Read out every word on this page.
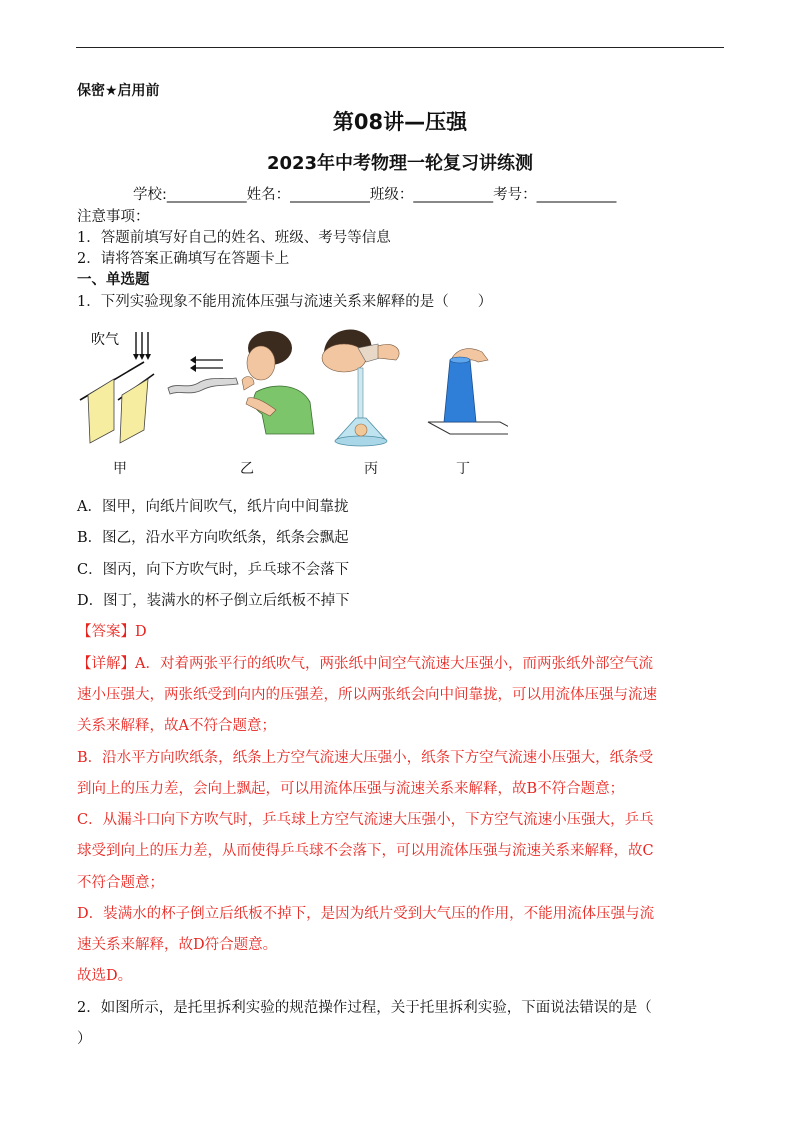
保密★启用前
第08讲—压强
2023年中考物理一轮复习讲练测
学校:___________姓名：___________班级：___________考号：___________
注意事项：
1．答题前填写好自己的姓名、班级、考号等信息
2．请将答案正确填写在答题卡上
一、单选题
1．下列实验现象不能用流体压强与流速关系来解释的是（　　）
吹气
甲	乙	丙	丁
A．图甲，向纸片间吹气，纸片向中间靠拢
B．图乙，沿水平方向吹纸条，纸条会飘起
C．图丙，向下方吹气时，乒乓球不会落下
D．图丁，装满水的杯子倒立后纸板不掉下
【答案】D
【详解】A．对着两张平行的纸吹气，两张纸中间空气流速大压强小，而两张纸外部空气流
速小压强大，两张纸受到向内的压强差，所以两张纸会向中间靠拢，可以用流体压强与流速
关系来解释，故A不符合题意；
B．沿水平方向吹纸条，纸条上方空气流速大压强小，纸条下方空气流速小压强大，纸条受
到向上的压力差，会向上飘起，可以用流体压强与流速关系来解释，故B不符合题意；
C．从漏斗口向下方吹气时，乒乓球上方空气流速大压强小，下方空气流速小压强大，乒乓
球受到向上的压力差，从而使得乒乓球不会落下，可以用流体压强与流速关系来解释，故C
不符合题意；
D．装满水的杯子倒立后纸板不掉下，是因为纸片受到大气压的作用，不能用流体压强与流
速关系来解释，故D符合题意。
故选D。
2．如图所示，是托里拆利实验的规范操作过程，关于托里拆利实验，下面说法错误的是（
）
